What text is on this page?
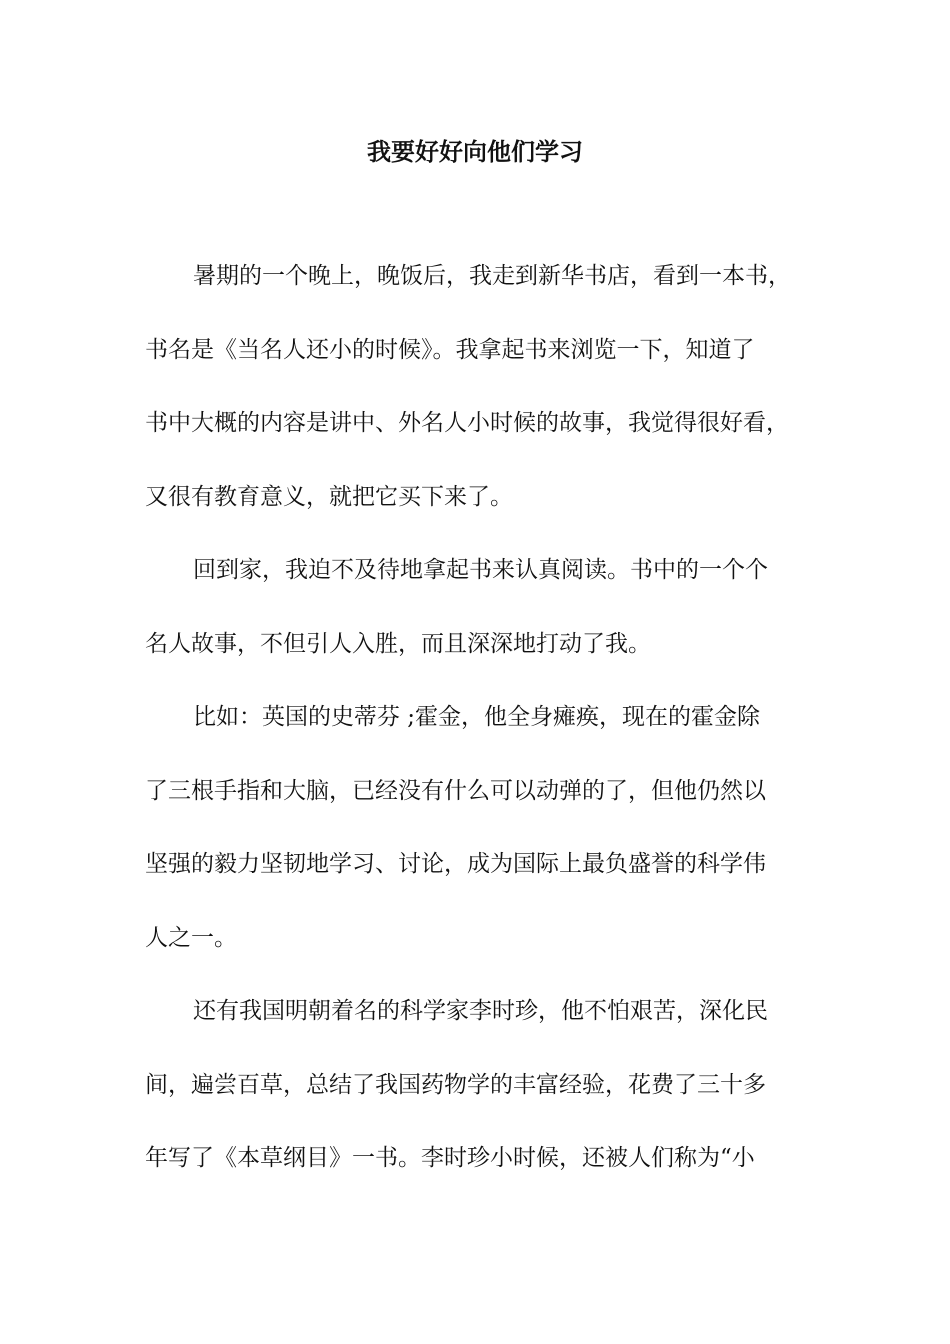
我要好好向他们学习

暑期的一个晚上，晚饭后，我走到新华书店，看到一本书，

书名是《当名人还小的时候》。我拿起书来浏览一下，知道了

书中大概的内容是讲中、外名人小时候的故事，我觉得很好看，

又很有教育意义，就把它买下来了。

回到家，我迫不及待地拿起书来认真阅读。书中的一个个

名人故事，不但引人入胜，而且深深地打动了我。

比如：英国的史蒂芬 ;霍金，他全身瘫痪，现在的霍金除

了三根手指和大脑，已经没有什么可以动弹的了，但他仍然以

坚强的毅力坚韧地学习、讨论，成为国际上最负盛誉的科学伟

人之一。

还有我国明朝着名的科学家李时珍，他不怕艰苦，深化民

间，遍尝百草，总结了我国药物学的丰富经验，花费了三十多

年写了《本草纲目》一书。李时珍小时候，还被人们称为“小
